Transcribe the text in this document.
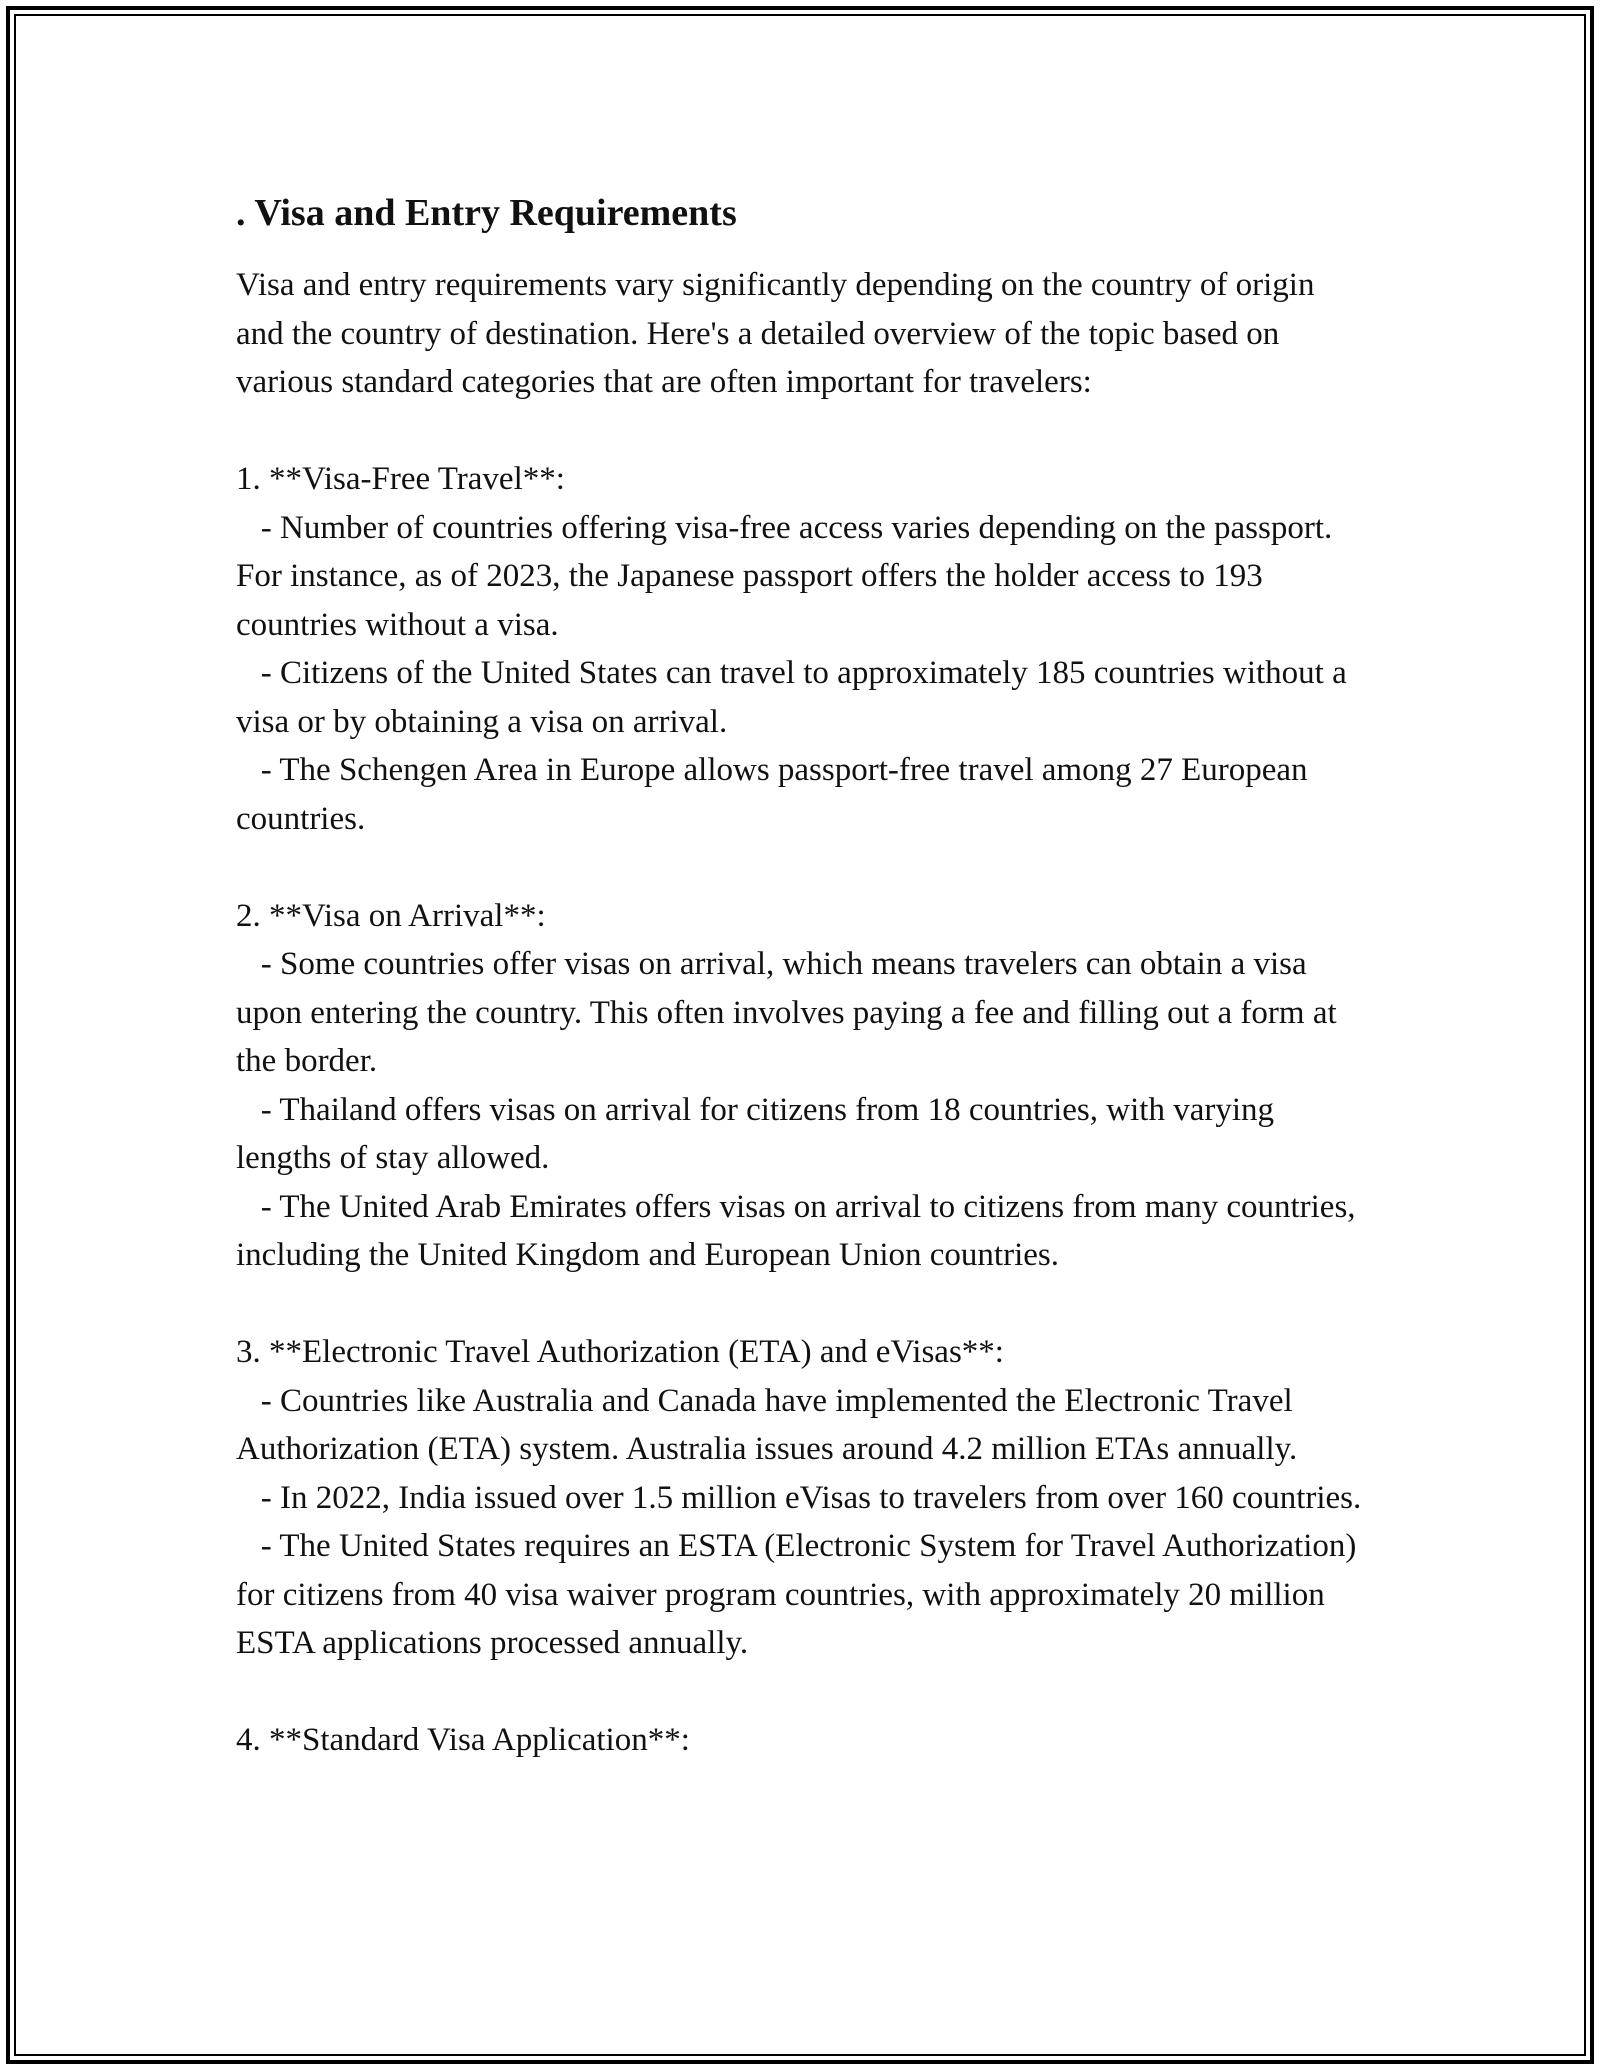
. Visa and Entry Requirements

Visa and entry requirements vary significantly depending on the country of origin and the country of destination. Here's a detailed overview of the topic based on various standard categories that are often important for travelers:

1. **Visa-Free Travel**:

- Number of countries offering visa-free access varies depending on the passport. For instance, as of 2023, the Japanese passport offers the holder access to 193 countries without a visa.

- Citizens of the United States can travel to approximately 185 countries without a visa or by obtaining a visa on arrival.

- The Schengen Area in Europe allows passport-free travel among 27 European countries.

2. **Visa on Arrival**:

- Some countries offer visas on arrival, which means travelers can obtain a visa upon entering the country. This often involves paying a fee and filling out a form at the border.

- Thailand offers visas on arrival for citizens from 18 countries, with varying lengths of stay allowed.

- The United Arab Emirates offers visas on arrival to citizens from many countries, including the United Kingdom and European Union countries.

3. **Electronic Travel Authorization (ETA) and eVisas**:

- Countries like Australia and Canada have implemented the Electronic Travel Authorization (ETA) system. Australia issues around 4.2 million ETAs annually.

- In 2022, India issued over 1.5 million eVisas to travelers from over 160 countries.

- The United States requires an ESTA (Electronic System for Travel Authorization) for citizens from 40 visa waiver program countries, with approximately 20 million ESTA applications processed annually.

4. **Standard Visa Application**:
